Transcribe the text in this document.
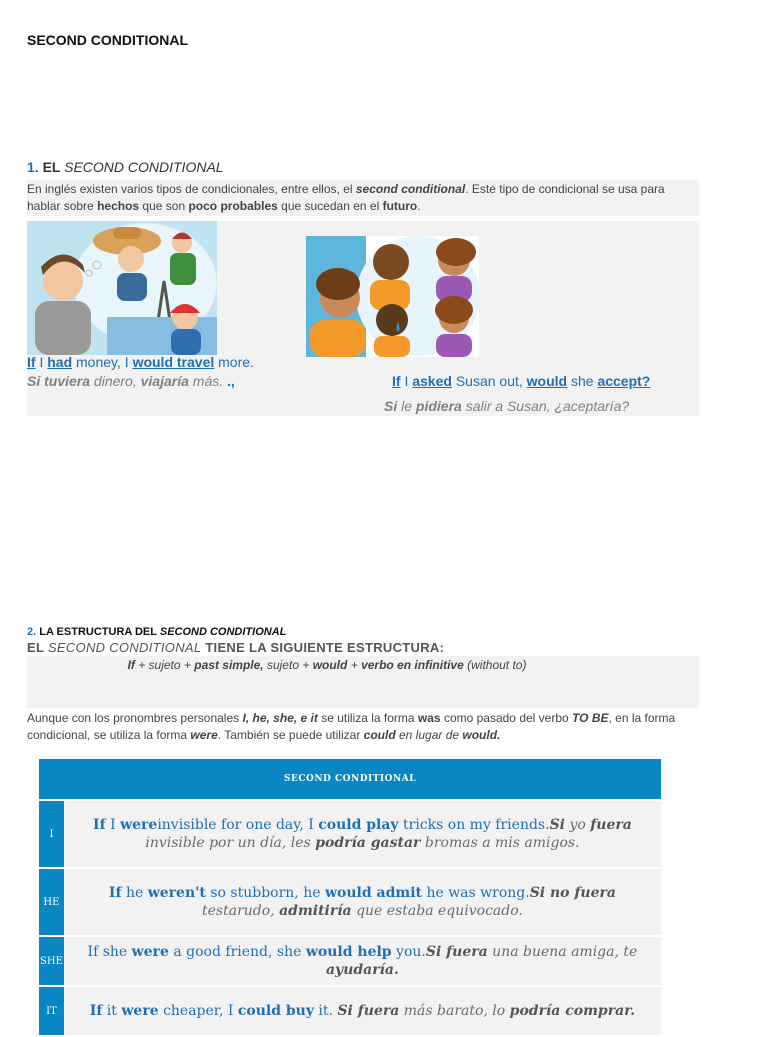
SECOND CONDITIONAL
1. EL SECOND CONDITIONAL
En inglés existen varios tipos de condicionales, entre ellos, el second conditional. Este tipo de condicional se usa para hablar sobre hechos que son poco probables que sucedan en el futuro.
If I had money, I would travel more.
Si tuviera dinero, viajaría más. .,	If I asked Susan out, would she accept?
Si le pidiera salir a Susan, ¿aceptaría?
2. LA ESTRUCTURA DEL SECOND CONDITIONAL
EL SECOND CONDITIONAL TIENE LA SIGUIENTE ESTRUCTURA:
If + sujeto + past simple, sujeto + would + verbo en infinitive (without to)
Aunque con los pronombres personales I, he, she, e it se utiliza la forma was como pasado del verbo TO BE, en la forma condicional, se utiliza la forma were. También se puede utilizar could en lugar de would.
SECOND CONDITIONAL	
I	If I wereinvisible for one day, I could play tricks on my friends.Si yo fuera invisible por un día, les podría gastar bromas a mis amigos.
HE	If he weren't so stubborn, he would admit he was wrong.Si no fuera testarudo, admitiría que estaba equivocado.
SHE	If she were a good friend, she would help you.Si fuera una buena amiga, te ayudaría.
IT	If it were cheaper, I could buy it. Si fuera más barato, lo podría comprar.
